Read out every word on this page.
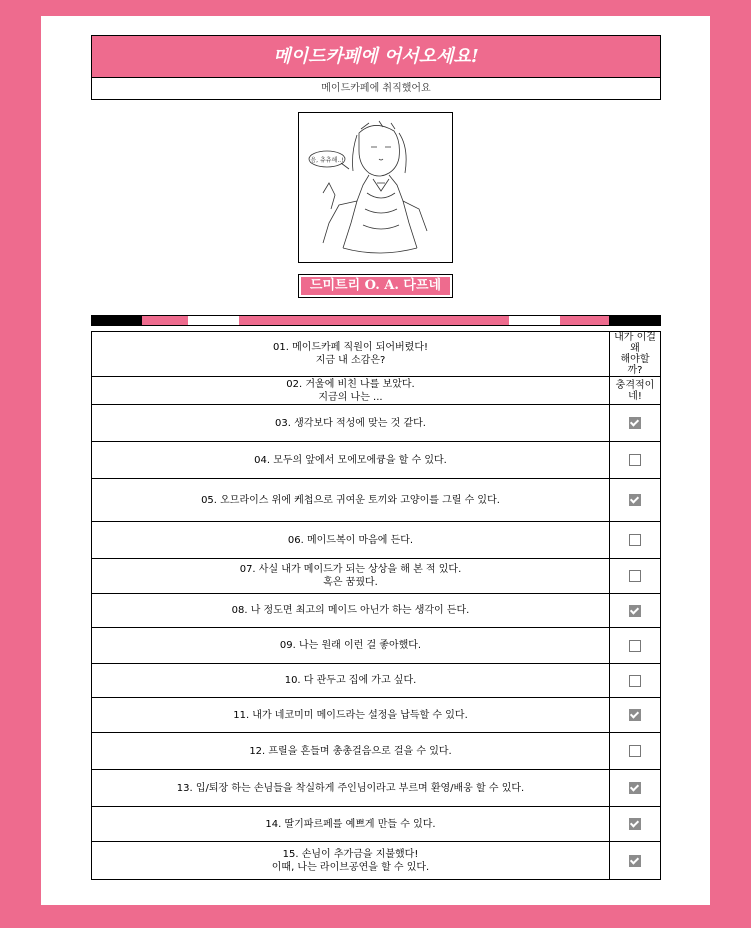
메이드카페에 어서오세요!
메이드카페에 취직했어요
음, 츄츄해..!
드미트리 O. A. 다프네
01. 메이드카페 직원이 되어버렸다!
지금 내 소감은?	내가 이걸 왜
해야할까?
02. 거울에 비친 나를 보았다.
지금의 나는 ...	충격적이네!
03. 생각보다 적성에 맞는 것 같다.	
04. 모두의 앞에서 모에모에큥을 할 수 있다.	
05. 오므라이스 위에 케첩으로 귀여운 토끼와 고양이를 그릴 수 있다.	
06. 메이드복이 마음에 든다.	
07. 사실 내가 메이드가 되는 상상을 해 본 적 있다.
혹은 꿈꿨다.	
08. 나 정도면 최고의 메이드 아닌가 하는 생각이 든다.	
09. 나는 원래 이런 걸 좋아했다.	
10. 다 관두고 집에 가고 싶다.	
11. 내가 네코미미 메이드라는 설정을 납득할 수 있다.	
12. 프릴을 흔들며 총총걸음으로 걸을 수 있다.	
13. 입/퇴장 하는 손님들을 착실하게 주인님이라고 부르며 환영/배웅 할 수 있다.	
14. 딸기파르페를 예쁘게 만들 수 있다.	
15. 손님이 추가금을 지불했다!
이때, 나는 라이브공연을 할 수 있다.	
